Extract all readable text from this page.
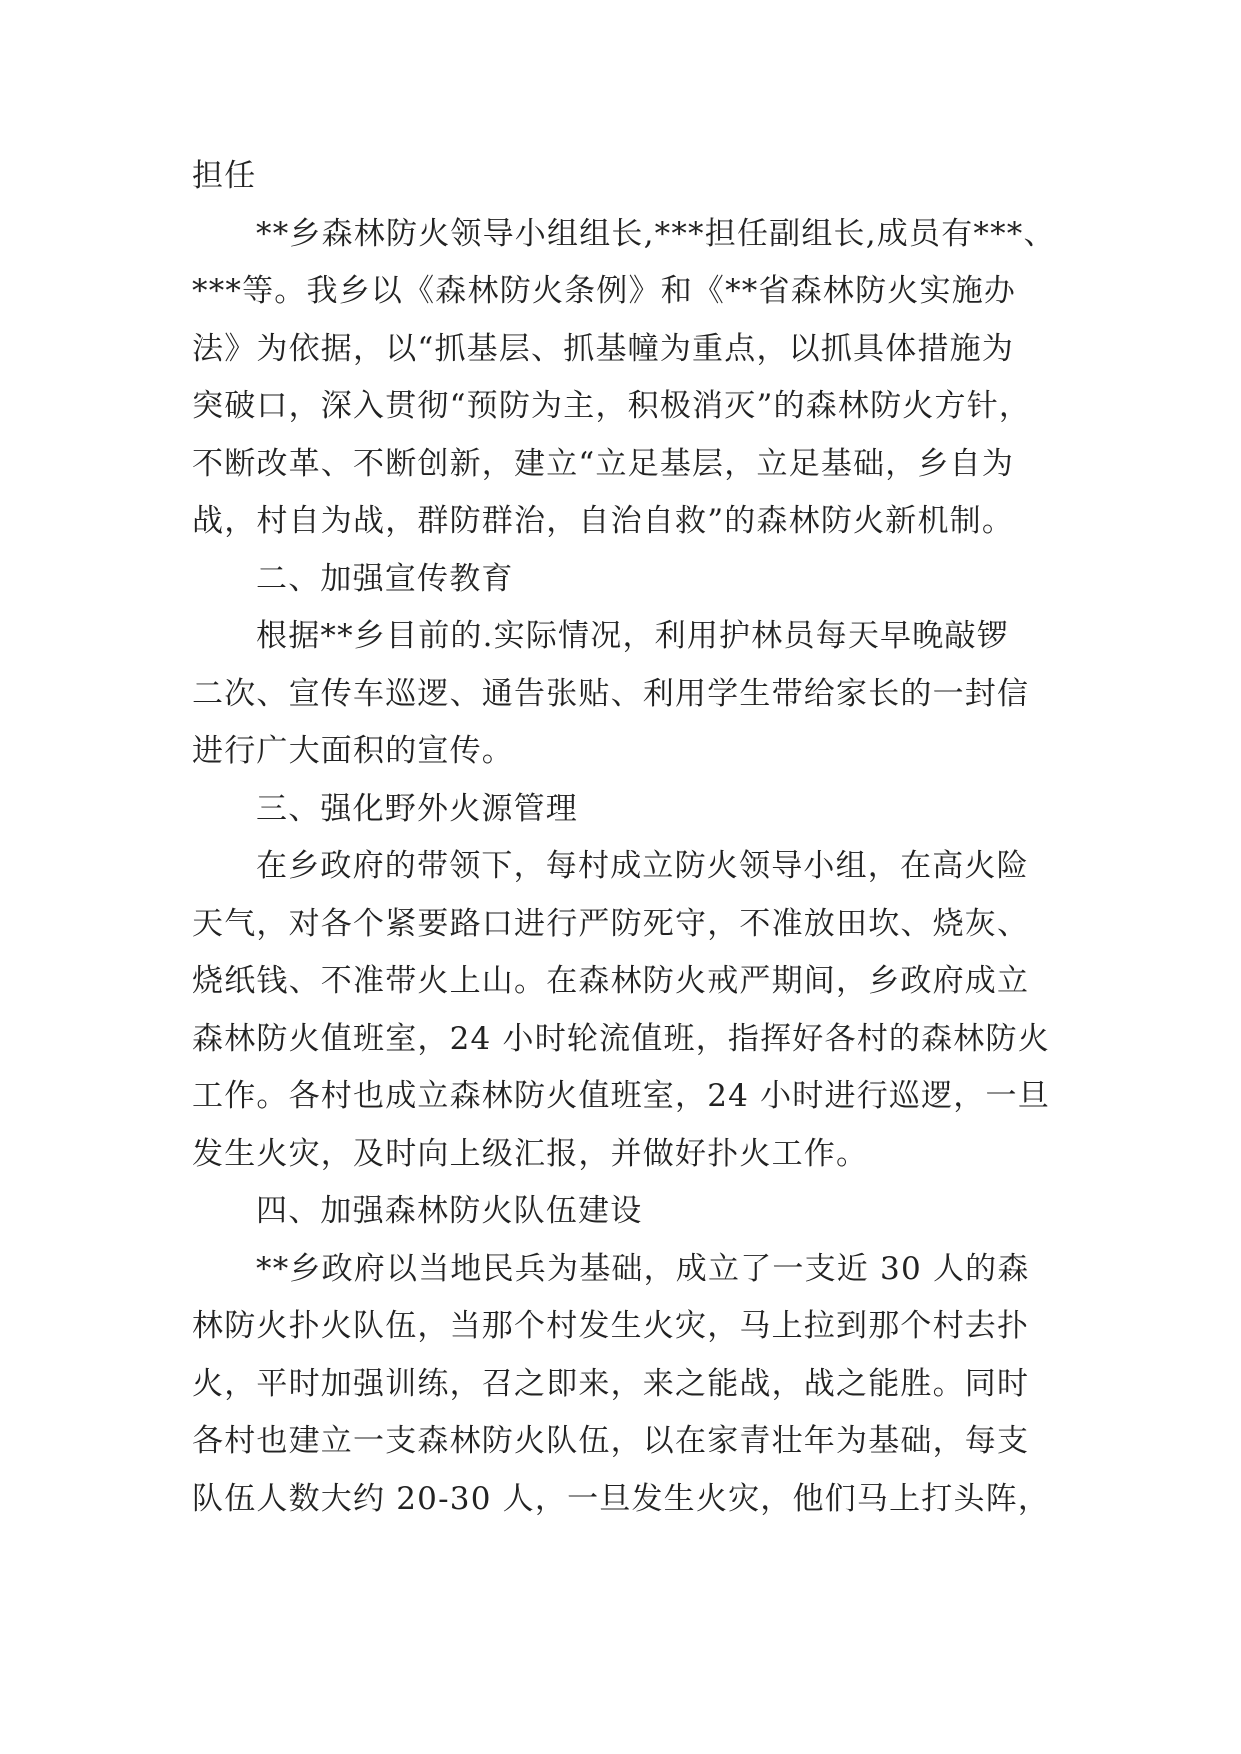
担任
**乡森林防火领导小组组长,***担任副组长,成员有***、
***等。我乡以《森林防火条例》和《**省森林防火实施办
法》为依据，以“抓基层、抓基幢为重点，以抓具体措施为
突破口，深入贯彻“预防为主，积极消灭”的森林防火方针，
不断改革、不断创新，建立“立足基层，立足基础，乡自为
战，村自为战，群防群治，自治自救”的森林防火新机制。
二、加强宣传教育
根据**乡目前的.实际情况，利用护林员每天早晚敲锣
二次、宣传车巡逻、通告张贴、利用学生带给家长的一封信
进行广大面积的宣传。
三、强化野外火源管理
在乡政府的带领下，每村成立防火领导小组，在高火险
天气，对各个紧要路口进行严防死守，不准放田坎、烧灰、
烧纸钱、不准带火上山。在森林防火戒严期间，乡政府成立
森林防火值班室，24 小时轮流值班，指挥好各村的森林防火
工作。各村也成立森林防火值班室，24 小时进行巡逻，一旦
发生火灾，及时向上级汇报，并做好扑火工作。
四、加强森林防火队伍建设
**乡政府以当地民兵为基础，成立了一支近 30 人的森
林防火扑火队伍，当那个村发生火灾，马上拉到那个村去扑
火，平时加强训练，召之即来，来之能战，战之能胜。同时
各村也建立一支森林防火队伍，以在家青壮年为基础，每支
队伍人数大约 20-30 人，一旦发生火灾，他们马上打头阵，
